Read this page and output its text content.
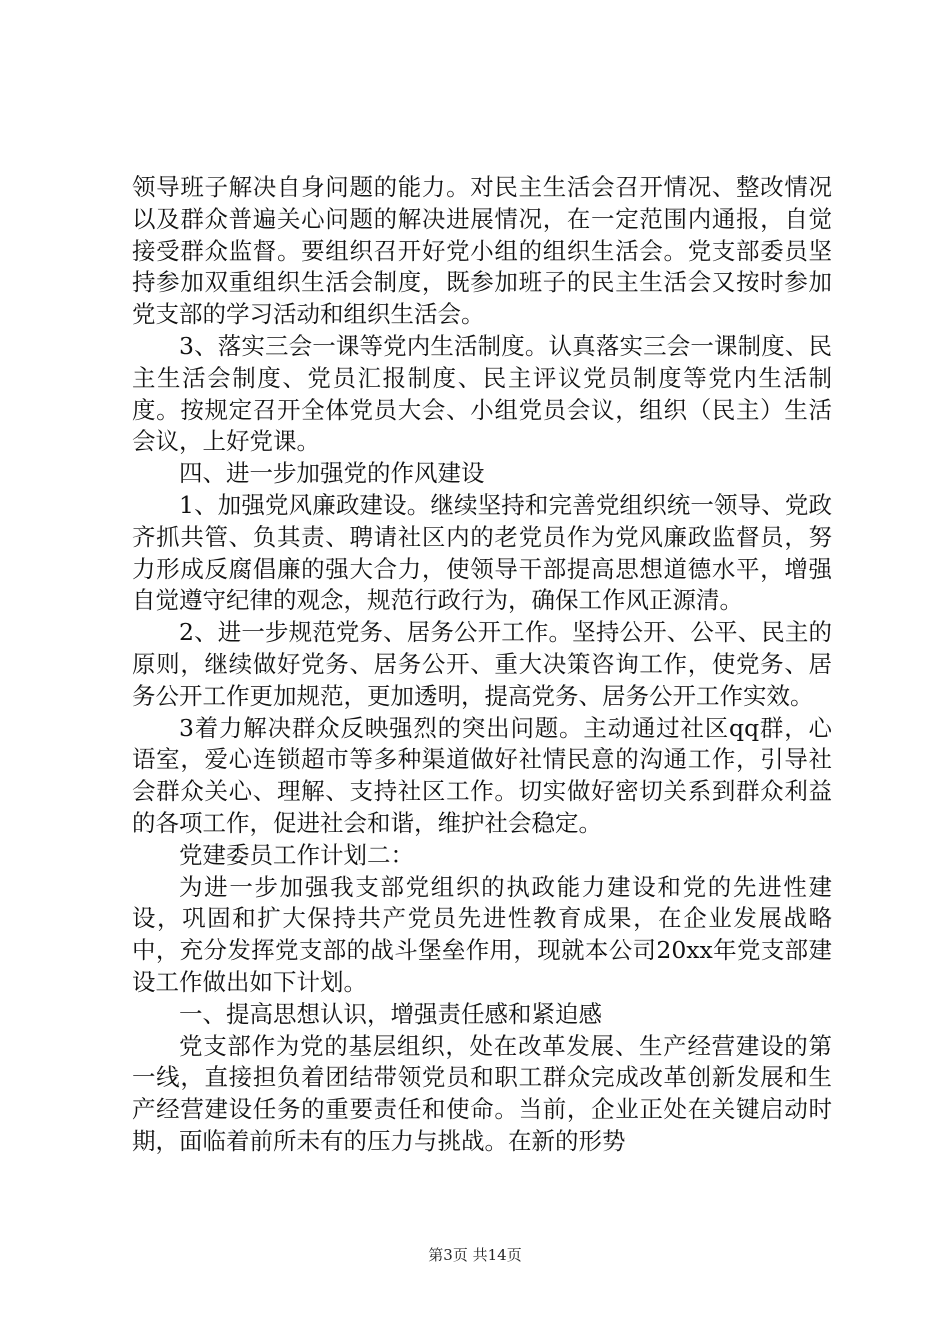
领导班子解决自身问题的能力。对民主生活会召开情况、整改情况以及群众普遍关心问题的解决进展情况，在一定范围内通报，自觉接受群众监督。要组织召开好党小组的组织生活会。党支部委员坚持参加双重组织生活会制度，既参加班子的民主生活会又按时参加党支部的学习活动和组织生活会。

3、落实三会一课等党内生活制度。认真落实三会一课制度、民主生活会制度、党员汇报制度、民主评议党员制度等党内生活制度。按规定召开全体党员大会、小组党员会议，组织（民主）生活会议，上好党课。

四、进一步加强党的作风建设

1、加强党风廉政建设。继续坚持和完善党组织统一领导、党政齐抓共管、负其责、聘请社区内的老党员作为党风廉政监督员，努力形成反腐倡廉的强大合力，使领导干部提高思想道德水平，增强自觉遵守纪律的观念，规范行政行为，确保工作风正源清。

2、进一步规范党务、居务公开工作。坚持公开、公平、民主的原则，继续做好党务、居务公开、重大决策咨询工作，使党务、居务公开工作更加规范，更加透明，提高党务、居务公开工作实效。

3着力解决群众反映强烈的突出问题。主动通过社区qq群，心语室，爱心连锁超市等多种渠道做好社情民意的沟通工作，引导社会群众关心、理解、支持社区工作。切实做好密切关系到群众利益的各项工作，促进社会和谐，维护社会稳定。

党建委员工作计划二：

为进一步加强我支部党组织的执政能力建设和党的先进性建设，巩固和扩大保持共产党员先进性教育成果，在企业发展战略中，充分发挥党支部的战斗堡垒作用，现就本公司20xx年党支部建设工作做出如下计划。

一、提高思想认识，增强责任感和紧迫感

党支部作为党的基层组织，处在改革发展、生产经营建设的第一线，直接担负着团结带领党员和职工群众完成改革创新发展和生产经营建设任务的重要责任和使命。当前，企业正处在关键启动时期，面临着前所未有的压力与挑战。在新的形势

第3页 共14页
